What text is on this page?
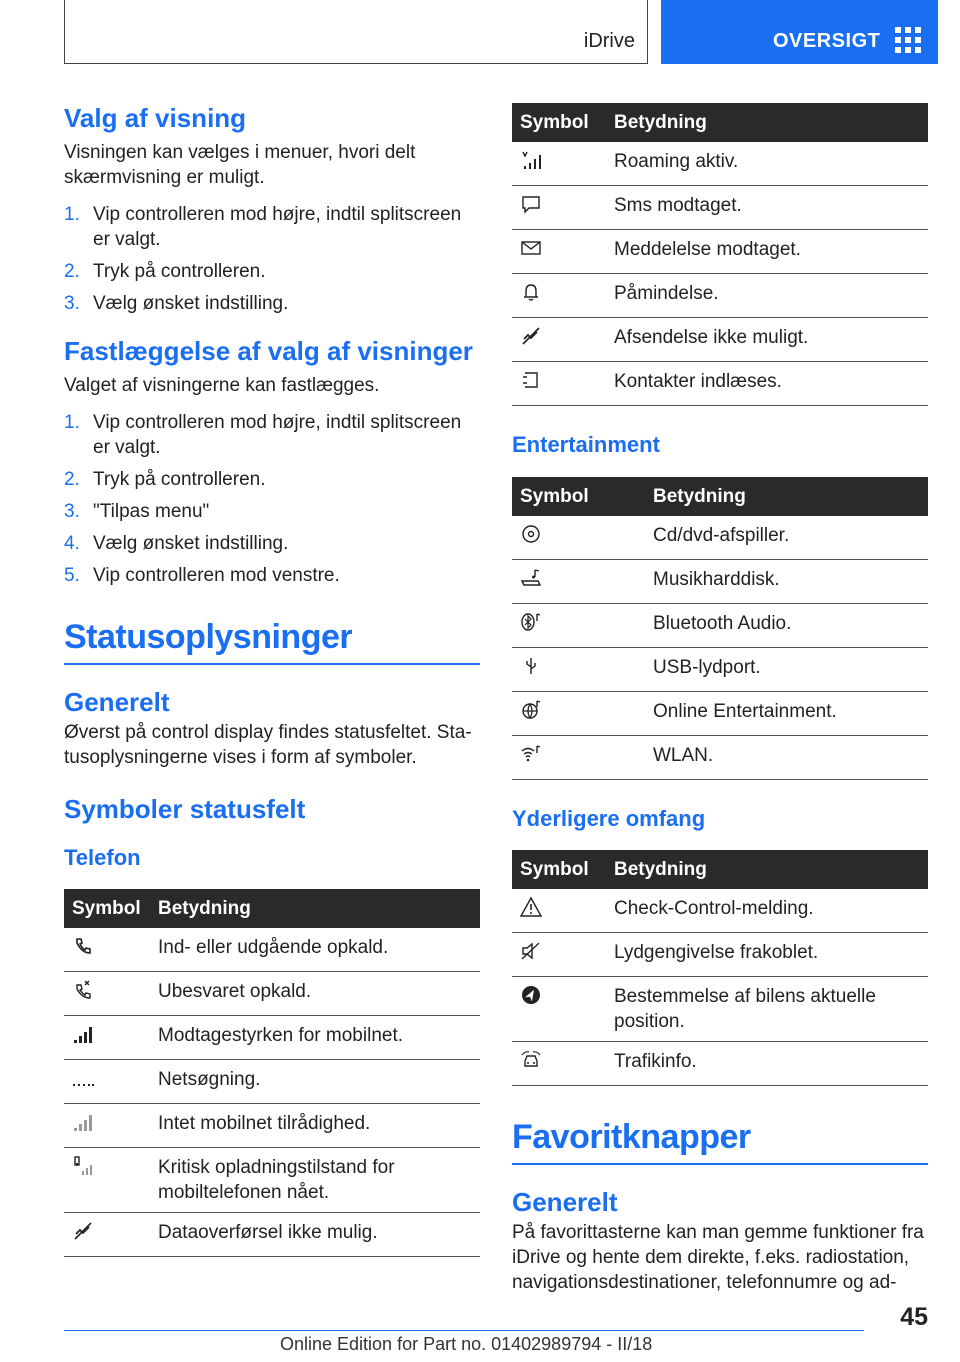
iDrive	OVERSIGT
Valg af visning

Visningen kan vælges i menuer, hvori delt skærmvisning er muligt.

1. Vip controlleren mod højre, indtil splitscreen er valgt.
2. Tryk på controlleren.
3. Vælg ønsket indstilling.
Fastlæggelse af valg af visninger

Valget af visningerne kan fastlægges.

1. Vip controlleren mod højre, indtil splitscreen er valgt.
2. Tryk på controlleren.
3. "Tilpas menu"
4. Vælg ønsket indstilling.
5. Vip controlleren mod venstre.
Statusoplysninger
Generelt

Øverst på control display findes statusfeltet. Statusoplysningerne vises i form af symboler.

Symboler statusfelt
Telefon
Symbol	Betydning
	Ind- eller udgående opkald.
	Ubesvaret opkald.
	Modtagestyrken for mobilnet.
	Netsøgning.
	Intet mobilnet tilrådighed.
	Kritisk opladningstilstand for mobiltelefonen nået.
	Dataoverførsel ikke mulig.
Symbol	Betydning
	Roaming aktiv.
	Sms modtaget.
	Meddelelse modtaget.
	Påmindelse.
	Afsendelse ikke muligt.
	Kontakter indlæses.
Entertainment
Symbol	Betydning
	Cd/dvd-afspiller.
	Musikharddisk.
	Bluetooth Audio.
	USB-lydport.
	Online Entertainment.
	WLAN.
Yderligere omfang
Symbol	Betydning
	Check-Control-melding.
	Lydgengivelse frakoblet.
	Bestemmelse af bilens aktuelle position.
	Trafikinfo.
Favoritknapper
Generelt

På favorittasterne kan man gemme funktioner fra iDrive og hente dem direkte, f.eks. radiostation, navigationsdestinationer, telefonnumre og ad-

45
Online Edition for Part no. 01402989794 - II/18
